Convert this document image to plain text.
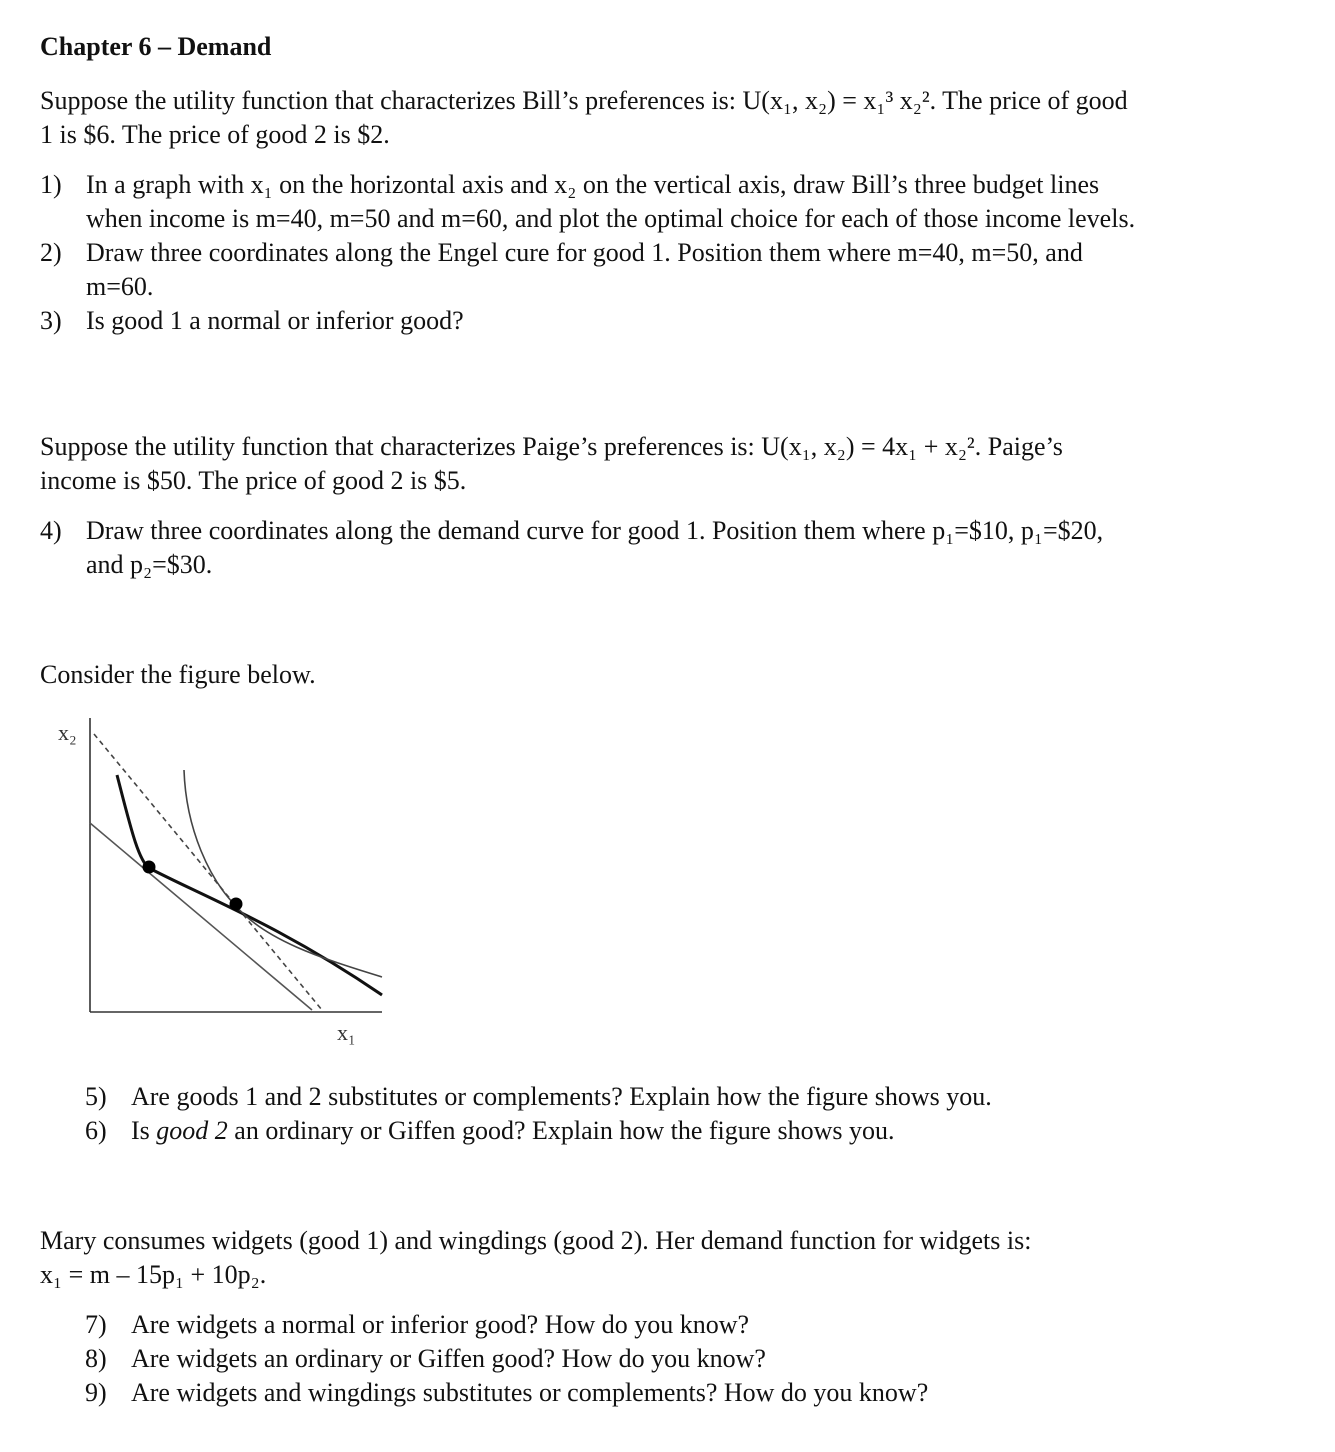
Chapter 6 – Demand
Suppose the utility function that characterizes Bill’s preferences is: U(x₁, x₂) = x₁³ x₂². The price of good
1 is $6. The price of good 2 is $2.
1) In a graph with x₁ on the horizontal axis and x₂ on the vertical axis, draw Bill’s three budget lines
when income is m=40, m=50 and m=60, and plot the optimal choice for each of those income levels.
2) Draw three coordinates along the Engel cure for good 1. Position them where m=40, m=50, and
m=60.
3) Is good 1 a normal or inferior good?
Suppose the utility function that characterizes Paige’s preferences is: U(x₁, x₂) = 4x₁ + x₂². Paige’s
income is $50. The price of good 2 is $5.
4) Draw three coordinates along the demand curve for good 1. Position them where p₁=$10, p₁=$20,
and p₂=$30.
Consider the figure below.
x₂
x₁
5) Are goods 1 and 2 substitutes or complements? Explain how the figure shows you.
6) Is good 2 an ordinary or Giffen good? Explain how the figure shows you.
Mary consumes widgets (good 1) and wingdings (good 2). Her demand function for widgets is:
x₁ = m – 15p₁ + 10p₂.
7) Are widgets a normal or inferior good? How do you know?
8) Are widgets an ordinary or Giffen good? How do you know?
9) Are widgets and wingdings substitutes or complements? How do you know?
